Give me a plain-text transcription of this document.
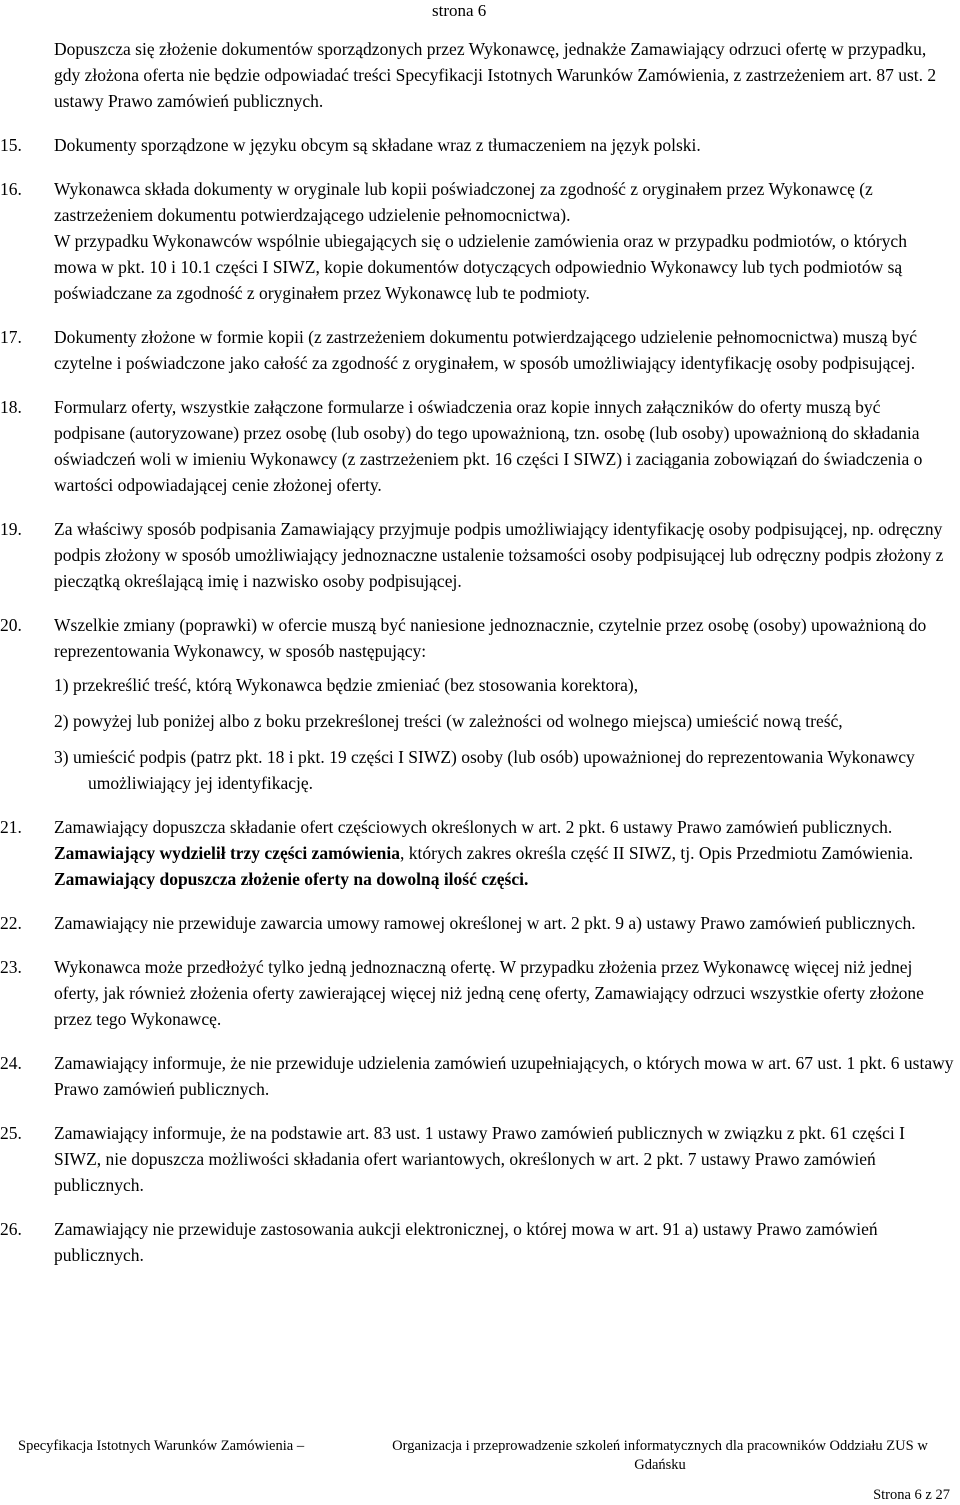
strona 6

Dopuszcza się złożenie dokumentów sporządzonych przez Wykonawcę, jednakże Zamawiający odrzuci ofertę w przypadku, gdy złożona oferta nie będzie odpowiadać treści Specyfikacji Istotnych Warunków Zamówienia, z zastrzeżeniem art. 87 ust. 2 ustawy Prawo zamówień publicznych.

15. Dokumenty sporządzone w języku obcym są składane wraz z tłumaczeniem na język polski.
16. Wykonawca składa dokumenty w oryginale lub kopii poświadczonej za zgodność z oryginałem przez Wykonawcę (z zastrzeżeniem dokumentu potwierdzającego udzielenie pełnomocnictwa).

W przypadku Wykonawców wspólnie ubiegających się o udzielenie zamówienia oraz w przypadku podmiotów, o których mowa w pkt. 10 i 10.1 części I SIWZ, kopie dokumentów dotyczących odpowiednio Wykonawcy lub tych podmiotów są poświadczane za zgodność z oryginałem przez Wykonawcę lub te podmioty.

17. Dokumenty złożone w formie kopii (z zastrzeżeniem dokumentu potwierdzającego udzielenie pełnomocnictwa) muszą być czytelne i poświadczone jako całość za zgodność z oryginałem, w sposób umożliwiający identyfikację osoby podpisującej.
18. Formularz oferty, wszystkie załączone formularze i oświadczenia oraz kopie innych załączników do oferty muszą być podpisane (autoryzowane) przez osobę (lub osoby) do tego upoważnioną, tzn. osobę (lub osoby) upoważnioną do składania oświadczeń woli w imieniu Wykonawcy (z zastrzeżeniem pkt. 16 części I SIWZ) i zaciągania zobowiązań do świadczenia o wartości odpowiadającej cenie złożonej oferty.
19. Za właściwy sposób podpisania Zamawiający przyjmuje podpis umożliwiający identyfikację osoby podpisującej, np. odręczny podpis złożony w sposób umożliwiający jednoznaczne ustalenie tożsamości osoby podpisującej lub odręczny podpis złożony z pieczątką określającą imię i nazwisko osoby podpisującej.
20. Wszelkie zmiany (poprawki) w ofercie muszą być naniesione jednoznacznie, czytelnie przez osobę (osoby) upoważnioną do reprezentowania Wykonawcy, w sposób następujący:

1) przekreślić treść, którą Wykonawca będzie zmieniać (bez stosowania korektora),

2) powyżej lub poniżej albo z boku przekreślonej treści (w zależności od wolnego miejsca) umieścić nową treść,

3) umieścić podpis (patrz pkt. 18 i pkt. 19 części I SIWZ) osoby (lub osób) upoważnionej do reprezentowania Wykonawcy umożliwiający jej identyfikację.

21. Zamawiający dopuszcza składanie ofert częściowych określonych w art. 2 pkt. 6 ustawy Prawo zamówień publicznych. Zamawiający wydzielił trzy części zamówienia, których zakres określa część II SIWZ, tj. Opis Przedmiotu Zamówienia.

Zamawiający dopuszcza złożenie oferty na dowolną ilość części.

22. Zamawiający nie przewiduje zawarcia umowy ramowej określonej w art. 2 pkt. 9 a) ustawy Prawo zamówień publicznych.
23. Wykonawca może przedłożyć tylko jedną jednoznaczną ofertę. W przypadku złożenia przez Wykonawcę więcej niż jednej oferty, jak również złożenia oferty zawierającej więcej niż jedną cenę oferty, Zamawiający odrzuci wszystkie oferty złożone przez tego Wykonawcę.
24. Zamawiający informuje, że nie przewiduje udzielenia zamówień uzupełniających, o których mowa w art. 67 ust. 1 pkt. 6 ustawy Prawo zamówień publicznych.
25. Zamawiający informuje, że na podstawie art. 83 ust. 1 ustawy Prawo zamówień publicznych w związku z pkt. 61 części I SIWZ, nie dopuszcza możliwości składania ofert wariantowych, określonych w art. 2 pkt. 7 ustawy Prawo zamówień publicznych.
26. Zamawiający nie przewiduje zastosowania aukcji elektronicznej, o której mowa w art. 91 a) ustawy Prawo zamówień publicznych.
Specyfikacja Istotnych Warunków Zamówienia –	Organizacja i przeprowadzenie szkoleń informatycznych dla pracowników Oddziału ZUS w Gdańsku
Strona 6 z 27
